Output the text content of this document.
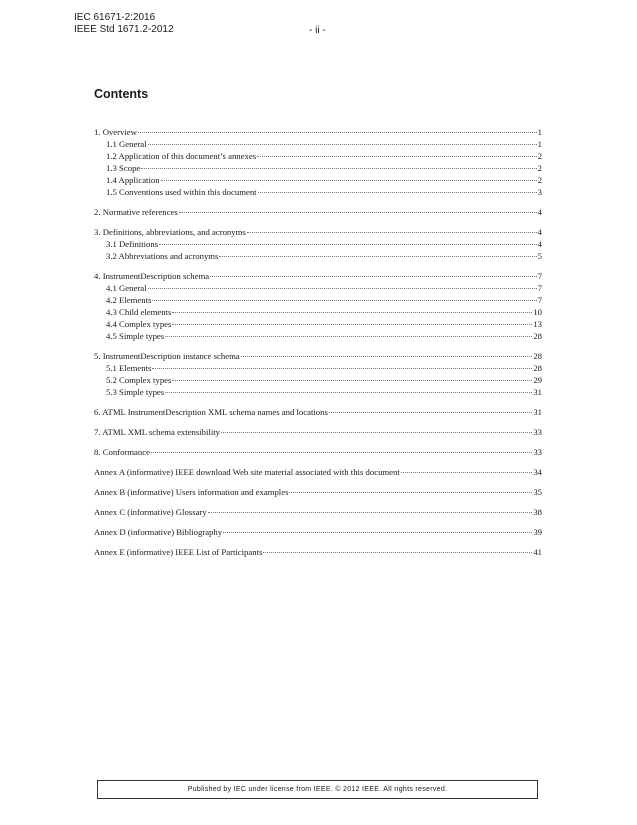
IEC 61671-2:2016
IEEE Std 1671.2-2012	- ii -
Contents
1. Overview	1
1.1 General	1
1.2 Application of this document’s annexes	2
1.3 Scope	2
1.4 Application	2
1.5 Conventions used within this document	3
2. Normative references	4
3. Definitions, abbreviations, and acronyms	4
3.1 Definitions	4
3.2 Abbreviations and acronyms	5
4. InstrumentDescription schema	7
4.1 General	7
4.2 Elements	7
4.3 Child elements	10
4.4 Complex types	13
4.5 Simple types	28
5. InstrumentDescription instance schema	28
5.1 Elements	28
5.2 Complex types	29
5.3 Simple types	31
6. ATML InstrumentDescription XML schema names and locations	31
7. ATML XML schema extensibility	33
8. Conformance	33
Annex A (informative) IEEE download Web site material associated with this document	34
Annex B (informative) Users information and examples	35
Annex C (informative) Glossary	38
Annex D (informative) Bibliography	39
Annex E (informative) IEEE List of Participants	41
Published by IEC under license from IEEE. © 2012 IEEE. All rights reserved.
